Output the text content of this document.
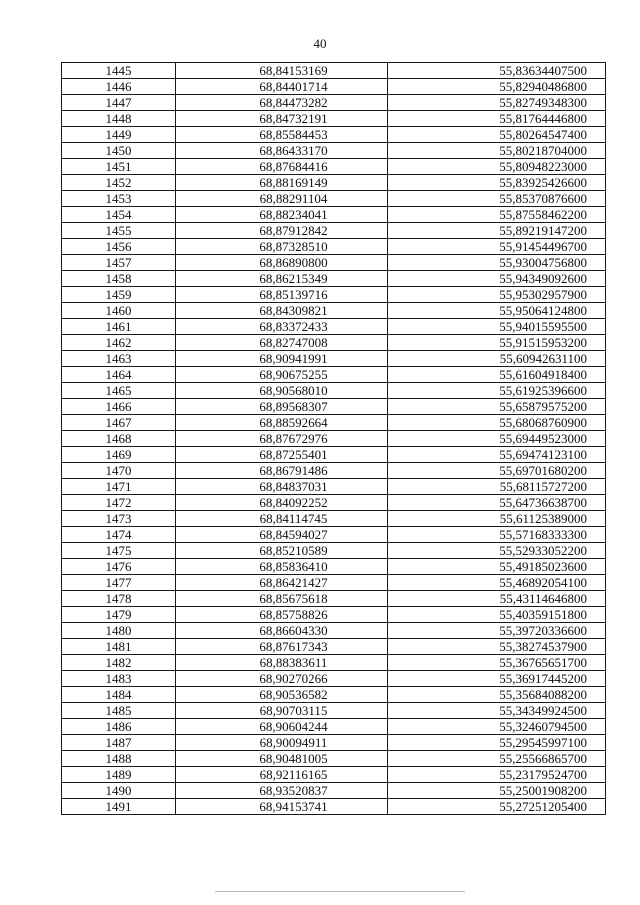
40
1445	68,84153169	55,83634407500
1446	68,84401714	55,82940486800
1447	68,84473282	55,82749348300
1448	68,84732191	55,81764446800
1449	68,85584453	55,80264547400
1450	68,86433170	55,80218704000
1451	68,87684416	55,80948223000
1452	68,88169149	55,83925426600
1453	68,88291104	55,85370876600
1454	68,88234041	55,87558462200
1455	68,87912842	55,89219147200
1456	68,87328510	55,91454496700
1457	68,86890800	55,93004756800
1458	68,86215349	55,94349092600
1459	68,85139716	55,95302957900
1460	68,84309821	55,95064124800
1461	68,83372433	55,94015595500
1462	68,82747008	55,91515953200
1463	68,90941991	55,60942631100
1464	68,90675255	55,61604918400
1465	68,90568010	55,61925396600
1466	68,89568307	55,65879575200
1467	68,88592664	55,68068760900
1468	68,87672976	55,69449523000
1469	68,87255401	55,69474123100
1470	68,86791486	55,69701680200
1471	68,84837031	55,68115727200
1472	68,84092252	55,64736638700
1473	68,84114745	55,61125389000
1474	68,84594027	55,57168333300
1475	68,85210589	55,52933052200
1476	68,85836410	55,49185023600
1477	68,86421427	55,46892054100
1478	68,85675618	55,43114646800
1479	68,85758826	55,40359151800
1480	68,86604330	55,39720336600
1481	68,87617343	55,38274537900
1482	68,88383611	55,36765651700
1483	68,90270266	55,36917445200
1484	68,90536582	55,35684088200
1485	68,90703115	55,34349924500
1486	68,90604244	55,32460794500
1487	68,90094911	55,29545997100
1488	68,90481005	55,25566865700
1489	68,92116165	55,23179524700
1490	68,93520837	55,25001908200
1491	68,94153741	55,27251205400
